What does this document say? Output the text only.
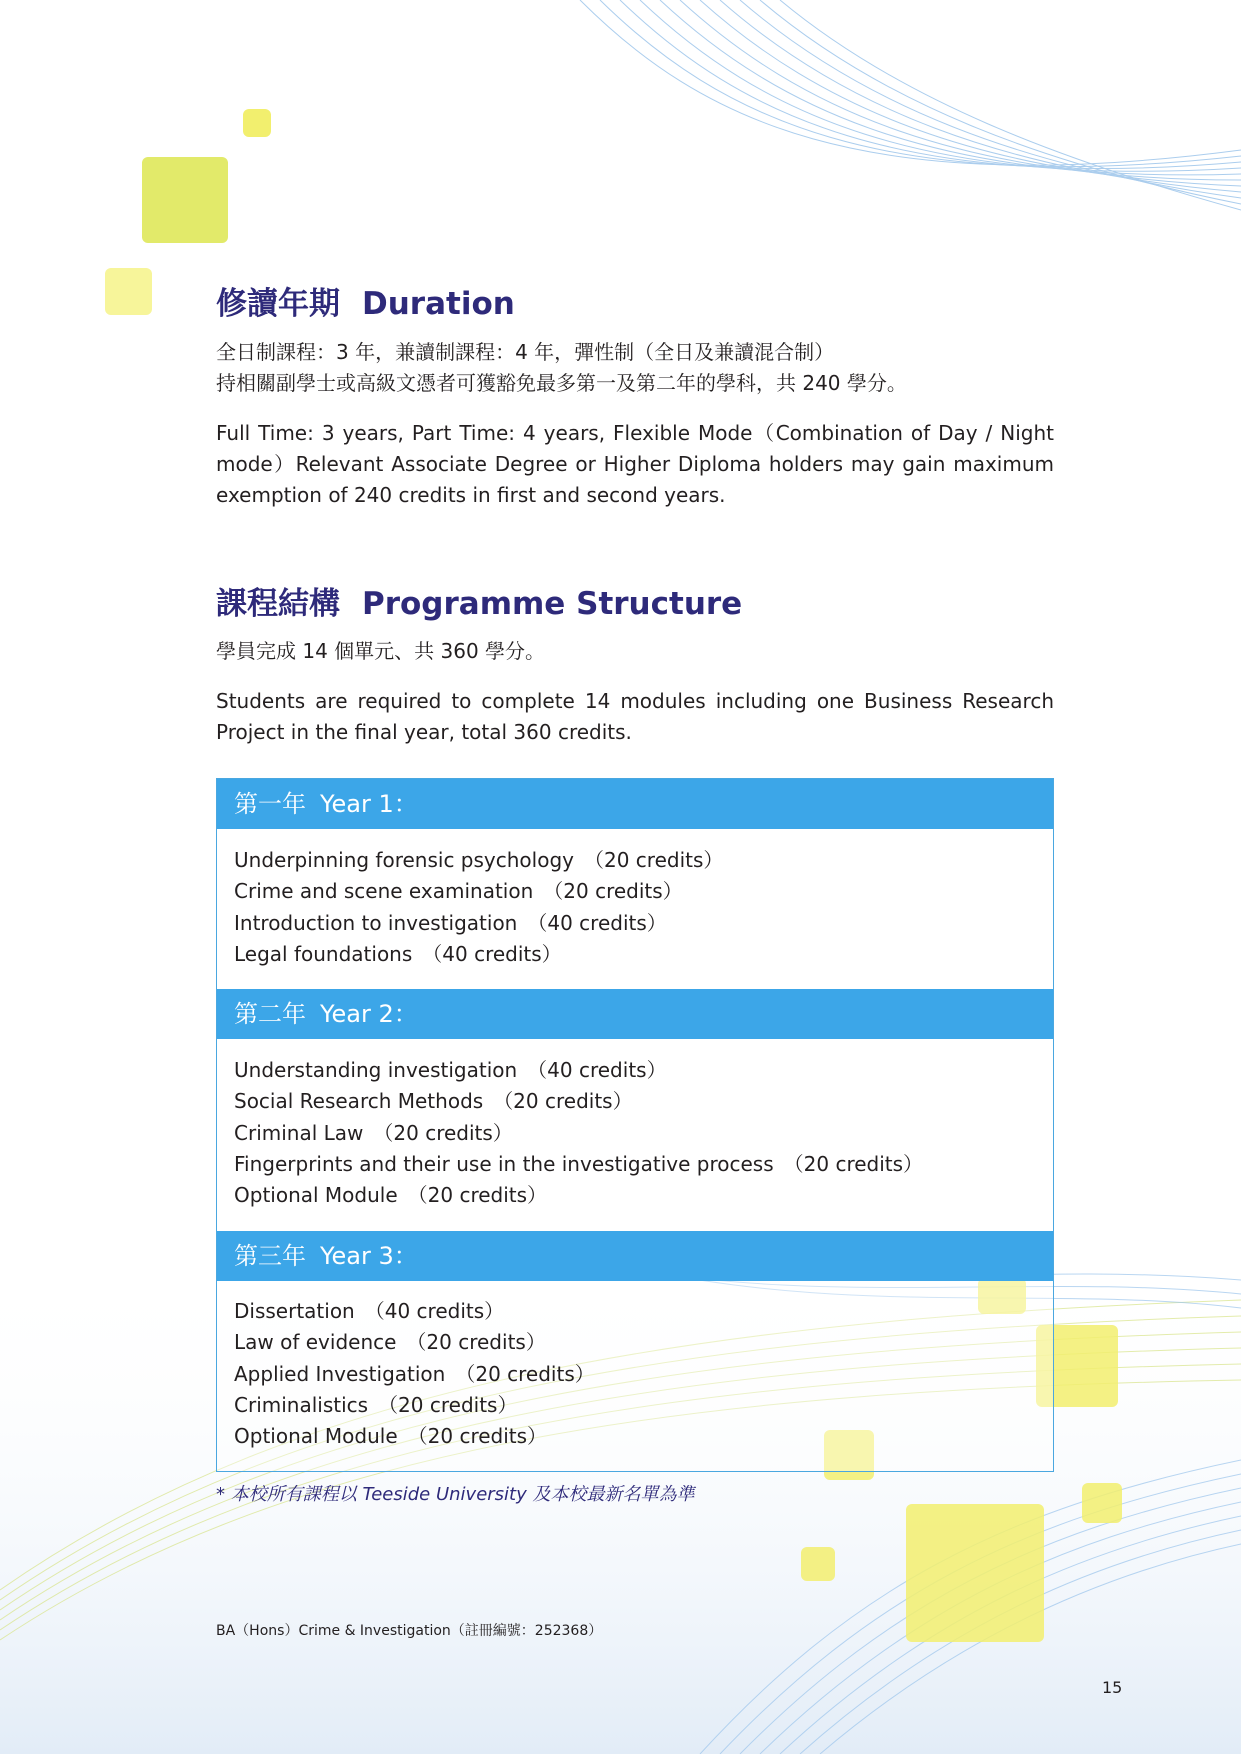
修讀年期 Duration
全日制課程：3 年，兼讀制課程：4 年，彈性制（全日及兼讀混合制）
持相關副學士或高級文憑者可獲豁免最多第一及第二年的學科，共 240 學分。

Full Time: 3 years, Part Time: 4 years, Flexible Mode（Combination of Day / Night mode）Relevant Associate Degree or Higher Diploma holders may gain maximum exemption of 240 credits in first and second years.

課程結構 Programme Structure

學員完成 14 個單元、共 360 學分。

Students are required to complete 14 modules including one Business Research Project in the final year, total 360 credits.

第一年 Year 1：
Underpinning forensic psychology （20 credits）
Crime and scene examination （20 credits）
Introduction to investigation （40 credits）
Legal foundations （40 credits）
第二年 Year 2：
Understanding investigation （40 credits）
Social Research Methods （20 credits）
Criminal Law （20 credits）
Fingerprints and their use in the investigative process （20 credits）
Optional Module （20 credits）
第三年 Year 3：
Dissertation （40 credits）
Law of evidence （20 credits）
Applied Investigation （20 credits）
Criminalistics （20 credits）
Optional Module （20 credits）
* 本校所有課程以 Teeside University 及本校最新名單為準
BA（Hons）Crime & Investigation（註冊編號：252368）
15
